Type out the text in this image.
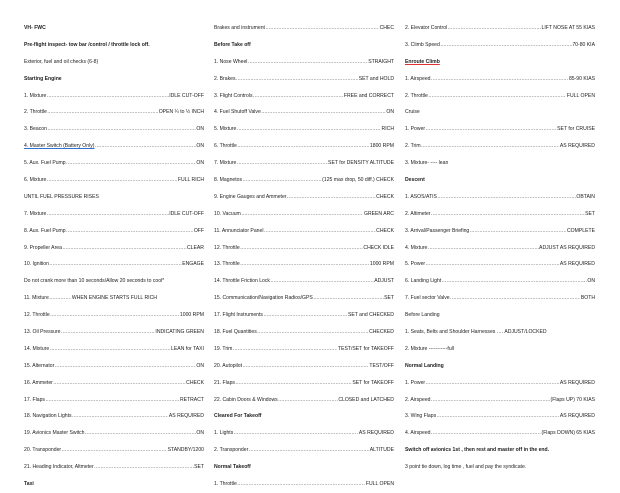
VH- FWC
Pre-flight inspect- tow bar /control / throttle lock off.
Exterior, fuel and oil checks (6-8)
Starting Engine
1. Mixture .....	IDLE CUT-OFF
2. Throttle .....	OPEN ¼ to ½ INCH
3. Beacon .....	ON
4. Master Switch (Battery Only) .....	ON
5. Aux. Fuel Pump .....	ON
6. Mixture .....	FULL RICH
UNTIL FUEL PRESSURE RISES
7. Mixture .....	IDLE CUT-OFF
8. Aux. Fuel Pump .....	OFF
9. Propeller Area .....	CLEAR
10. Ignition .....	ENGAGE
Do not crank more than 10 seconds/Allow 20 seconds to cool*
11. Mixture .....	WHEN ENGINE STARTS FULL RICH
12. Throttle .....	1000 RPM
13. Oil Pressure .....	INDICATING GREEN
14. Mixture .....	LEAN for TAXI
15. Alternator .....	ON
16. Ammeter .....	CHECK
17. Flaps .....	RETRACT
18. Navigation Lights .....	AS REQUIRED
19. Avionics Master Switch .....	ON
20. Transponder .....	STANDBY/1200
21. Heading Indicator, Altmeter .....	SET
Taxi
Brakes and instrument .....	CHEC
Before Take off
1. Nose Wheel .....	STRAIGHT
2. Brakes .....	SET and HOLD
3. Flight Controls .....	FREE and CORRECT
4. Fuel Shutoff Valve .....	ON
5. Mixture .....	RICH
6. Throttle .....	1800 RPM
7. Mixture .....	SET for DENSITY ALTITUDE
8. Magnetos .....	(125 max drop, 50 diff.) CHECK
9. Engine Gauges and Ammeter .....	CHECK
10. Vacuum .....	GREEN ARC
11. Annunciator Panel .....	CHECK
12. Throttle .....	CHECK IDLE
13. Throttle .....	1000 RPM
14. Throttle Friction Lock .....	ADJUST
15. Communication/Navigation Radios/GPS .....	SET
17. Flight Instruments .....	SET and CHECKED
18. Fuel Quantities .....	CHECKED
19. Trim .....	TEST/SET for TAKEOFF
20. Autopilot .....	TEST/OFF
21. Flaps .....	SET for TAKEOFF
22. Cabin Doors & Windows .....	CLOSED and LATCHED
Cleared For Takeoff
1. Lights .....	AS REQUIRED
2. Transponder .....	ALTITUDE
Normal Takeoff
1. Throttle .....	FULL OPEN
2. Elevator Control .....	LIFT NOSE AT 55 KIAS
3. Climb Speed .....	70-80 KIA
Enroute Climb
1. Airspeed .....	85-90 KIAS
2. Throttle .....	FULL OPEN
Cruise
1. Power .....	SET for CRUISE
2. Trim .....	AS REQUIRED
3. Mixture- ---- lean
Descent
1. ASOS/ATIS .....	OBTAIN
2. Altimeter .....	SET
3. Arrival/Passenger Briefing .....	COMPLETE
4. Mixture .....	ADJUST AS REQUIRED
5. Power .....	AS REQUIRED
6. Landing Light .....	ON
7. Fuel sector Valve .....	BOTH
Before Landing
1. Seats, Belts and Shoulder Harnesses …. ADJUST/LOCKED
2. Mixture -----------full
Normal Landing
1. Power .....	AS REQUIRED
2. Airspeed .....	(Flaps UP) 70 KIAS
3. Wing Flaps .....	AS REQUIRED
4. Airspeed .....	(Flaps DOWN) 65 KIAS
Switch off avionics 1st , then rest and master off in the end.
3 point tie down, log time , fuel and pay the syndicate.
